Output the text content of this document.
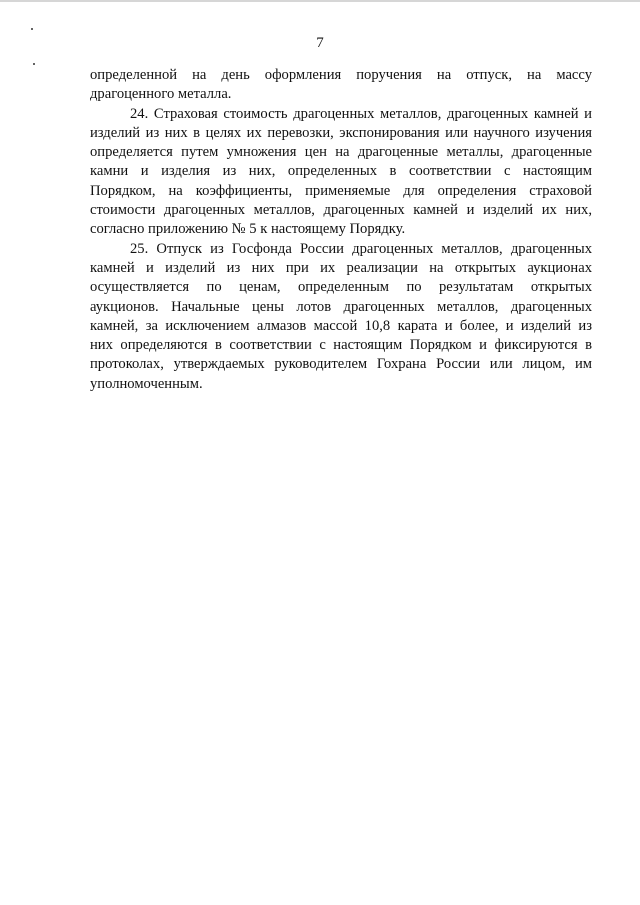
7

определенной на день оформления поручения на отпуск, на массу
драгоценного металла.

24. Страховая стоимость драгоценных металлов, драгоценных камней и
изделий из них в целях их перевозки, экспонирования или научного изучения
определяется путем умножения цен на драгоценные металлы, драгоценные
камни и изделия из них, определенных в соответствии с настоящим
Порядком, на коэффициенты, применяемые для определения страховой
стоимости драгоценных металлов, драгоценных камней и изделий их них,
согласно приложению № 5 к настоящему Порядку.

25. Отпуск из Госфонда России драгоценных металлов, драгоценных
камней и изделий из них при их реализации на открытых аукционах
осуществляется по ценам, определенным по результатам открытых
аукционов. Начальные цены лотов драгоценных металлов, драгоценных
камней, за исключением алмазов массой 10,8 карата и более, и изделий из
них определяются в соответствии с настоящим Порядком и фиксируются в
протоколах, утверждаемых руководителем Гохрана России или лицом, им
уполномоченным.
